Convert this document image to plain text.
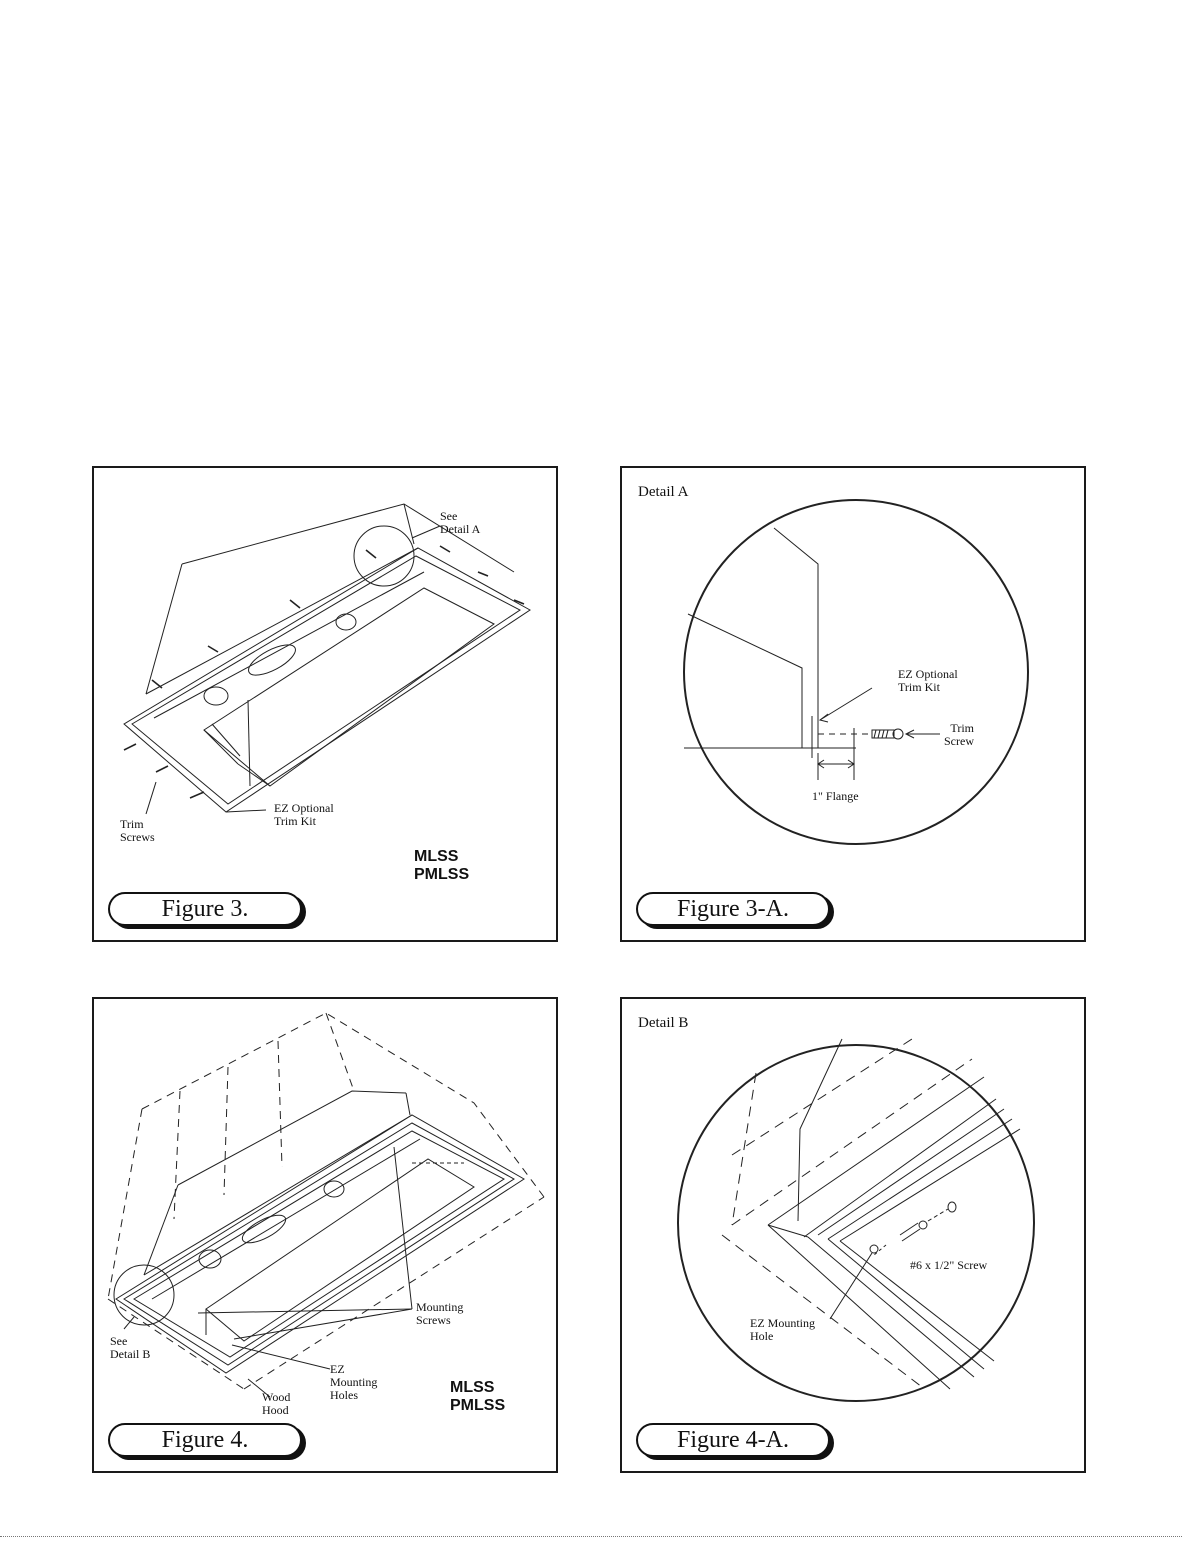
See
Detail A
Trim
Screws
EZ Optional
Trim Kit
MLSS
PMLSS
Figure 3.
Detail A
EZ Optional
Trim Kit
Trim
Screw
1" Flange
Figure 3-A.
See
Detail B
Mounting
Screws
EZ
Mounting
Holes
Wood
Hood
MLSS
PMLSS
Figure 4.
Detail B
#6 x 1/2" Screw
EZ Mounting
Hole
Figure 4-A.
